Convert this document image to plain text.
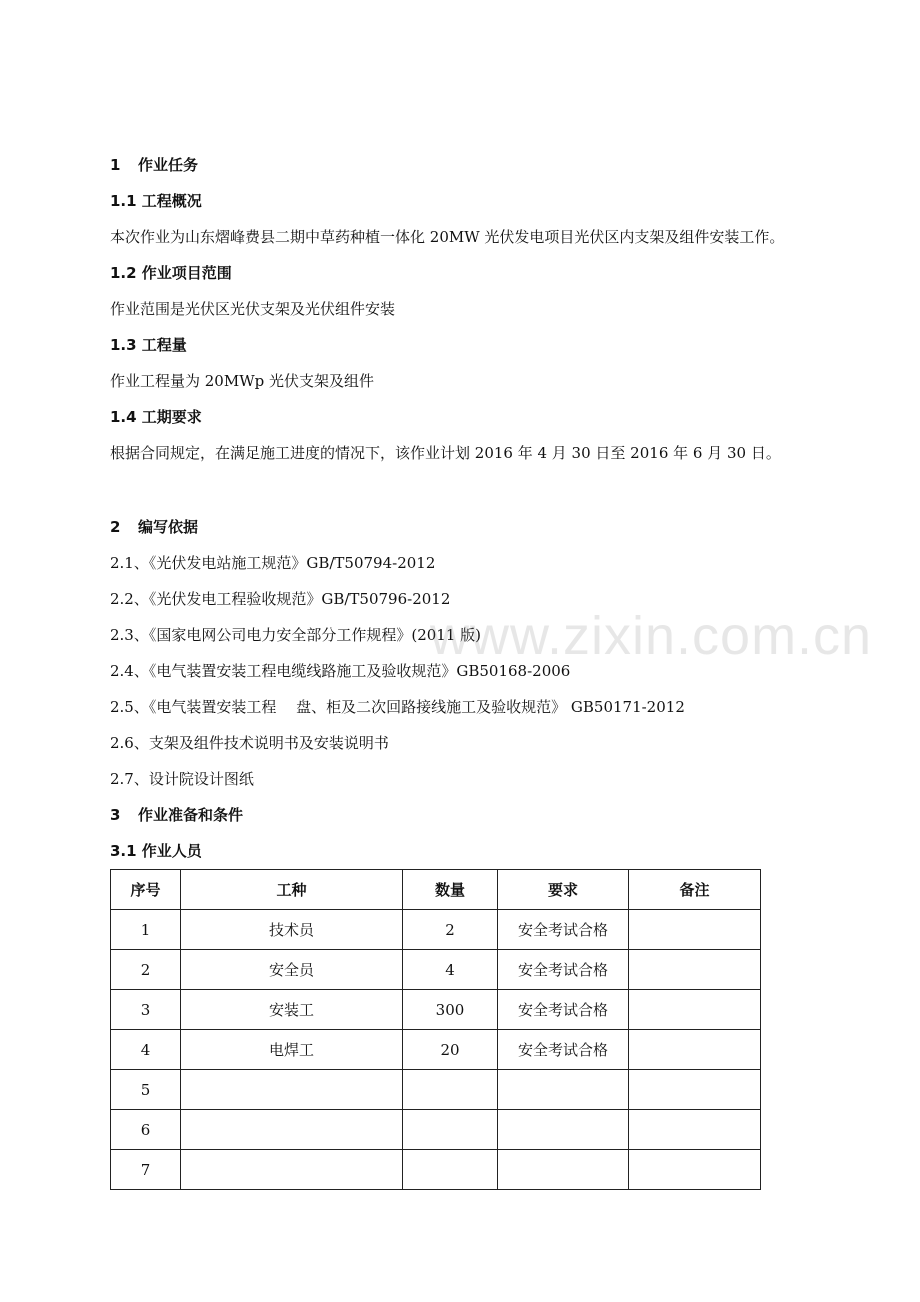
1 作业任务
1.1 工程概况
本次作业为山东熠峰费县二期中草药种植一体化 20MW 光伏发电项目光伏区内支架及组件安装工作。
1.2 作业项目范围
作业范围是光伏区光伏支架及光伏组件安装
1.3 工程量
作业工程量为 20MWp 光伏支架及组件
1.4 工期要求
根据合同规定，在满足施工进度的情况下，该作业计划 2016 年 4 月 30 日至 2016 年 6 月 30 日。
2 编写依据
2.1、《光伏发电站施工规范》GB/T50794-2012
2.2、《光伏发电工程验收规范》GB/T50796-2012
2.3、《国家电网公司电力安全部分工作规程》(2011 版)
2.4、《电气装置安装工程电缆线路施工及验收规范》GB50168-2006
2.5、《电气装置安装工程　 盘、柜及二次回路接线施工及验收规范》 GB50171-2012
2.6、支架及组件技术说明书及安装说明书
2.7、设计院设计图纸
3 作业准备和条件
3.1 作业人员
序号	工种	数量	要求	备注
1	技术员	2	安全考试合格	
2	安全员	4	安全考试合格	
3	安装工	300	安全考试合格	
4	电焊工	20	安全考试合格	
5				
6				
7				
www.zixin.com.cn
